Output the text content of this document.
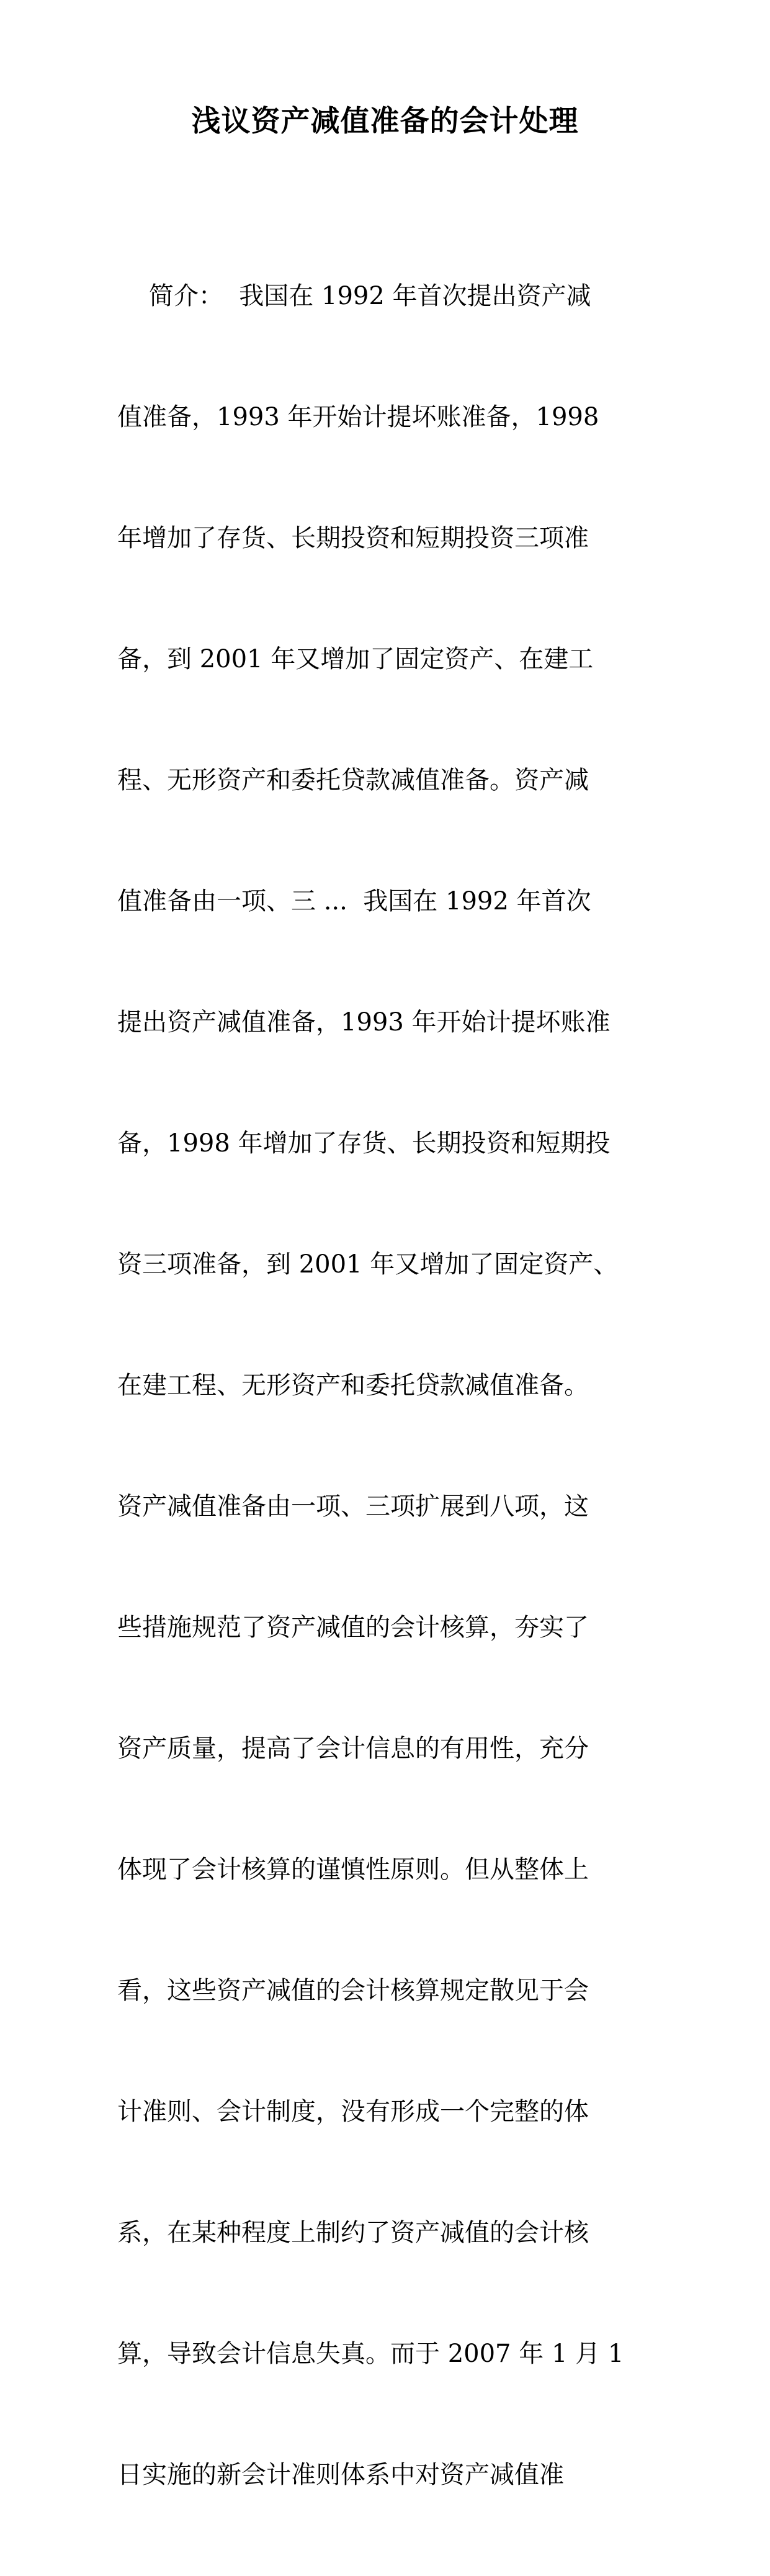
浅议资产减值准备的会计处理

简介：  我国在 1992 年首次提出资产减

值准备，1993 年开始计提坏账准备，1998

年增加了存货、长期投资和短期投资三项准

备，到 2001 年又增加了固定资产、在建工

程、无形资产和委托贷款减值准备。资产减

值准备由一项、三 ...  我国在 1992 年首次

提出资产减值准备，1993 年开始计提坏账准

备，1998 年增加了存货、长期投资和短期投

资三项准备，到 2001 年又增加了固定资产、

在建工程、无形资产和委托贷款减值准备。

资产减值准备由一项、三项扩展到八项，这

些措施规范了资产减值的会计核算，夯实了

资产质量，提高了会计信息的有用性，充分

体现了会计核算的谨慎性原则。但从整体上

看，这些资产减值的会计核算规定散见于会

计准则、会计制度，没有形成一个完整的体

系，在某种程度上制约了资产减值的会计核

算，导致会计信息失真。而于 2007 年 1 月 1

日实施的新会计准则体系中对资产减值准
